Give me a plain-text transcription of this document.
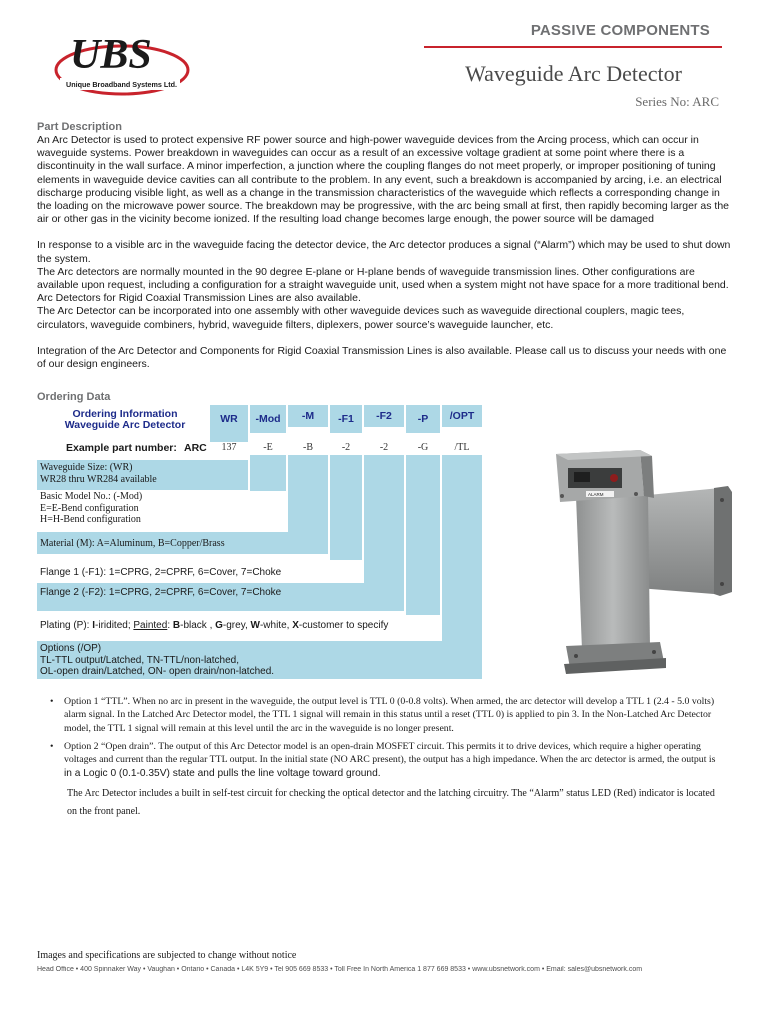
UBS
Unique Broadband Systems Ltd.
PASSIVE COMPONENTS
Waveguide Arc Detector
Series No: ARC
Part Description

An Arc Detector is used to protect expensive RF power source and high-power waveguide devices from the Arcing process, which can occur in waveguide systems. Power breakdown in waveguides can occur as a result of an excessive voltage gradient at some point where there is a discontinuity in the wall surface. A minor imperfection, a junction where the coupling flanges do not meet properly, or improper positioning of tuning elements in waveguide device cavities can all contribute to the problem. In any event, such a breakdown is accompanied by arcing, i.e. an electrical discharge producing visible light, as well as a change in the transmission characteristics of the waveguide which reflects a corresponding change in the loading on the microwave power source. The breakdown may be progressive, with the arc being small at first, then rapidly becoming larger as the air or other gas in the vicinity become ionized. If the resulting load change becomes large enough, the power source will be damaged

In response to a visible arc in the waveguide facing the detector device, the Arc detector produces a signal (“Alarm”) which may be used to shut down the system.

The Arc detectors are normally mounted in the 90 degree E-plane or H-plane bends of waveguide transmission lines. Other configurations are available upon request, including a configuration for a straight waveguide unit, used when a system might not have space for a more traditional bend. Arc Detectors for Rigid Coaxial Transmission Lines are also available.

The Arc Detector can be incorporated into one assembly with other waveguide devices such as waveguide directional couplers, magic tees, circulators, waveguide combiners, hybrid, waveguide filters, diplexers, power source’s waveguide launcher, etc.

Integration of the Arc Detector and Components for Rigid Coaxial Transmission Lines is also available. Please call us to discuss your needs with one of our design engineers.

Ordering Data
Ordering Information
Waveguide Arc Detector	WR	-Mod	-M	-F1	-F2	-P	/OPT
Example part number: ARC	137	-E	-B	-2	-2	-G	/TL
Waveguide Size: (WR)
WR28 thru WR284 available
Basic Model No.: (-Mod)
E=E-Bend configuration
H=H-Bend configuration
Material (M): A=Aluminum, B=Copper/Brass
Flange 1 (-F1): 1=CPRG, 2=CPRF, 6=Cover, 7=Choke
Flange 2 (-F2): 1=CPRG, 2=CPRF, 6=Cover, 7=Choke
Plating (P): I-iridited; Painted: B-black , G-grey, W-white, X-customer to specify
Options (/OP)
TL-TTL output/Latched, TN-TTL/non-latched,
OL-open drain/Latched, ON- open drain/non-latched.
ALARM
• Option 1 “TTL”. When no arc in present in the waveguide, the output level is TTL 0 (0-0.8 volts). When armed, the arc detector will develop a TTL 1 (2.4 - 5.0 volts) alarm signal. In the Latched Arc Detector model, the TTL 1 signal will remain in this status until a reset (TTL 0) is applied to pin 3. In the Non-Latched Arc Detector model, the TTL 1 signal will remain at this level until the arc in the waveguide is no longer present.
• Option 2 “Open drain”. The output of this Arc Detector model is an open-drain MOSFET circuit. This permits it to drive devices, which require a higher operating voltages and current than the regular TTL output. In the initial state (NO ARC present), the output has a high impedance. When the arc detector is armed, the output is in a Logic 0 (0.1-0.35V) state and pulls the line voltage toward ground.
The Arc Detector includes a built in self-test circuit for checking the optical detector and the latching circuitry. The “Alarm” status LED (Red) indicator is located on the front panel.
Images and specifications are subjected to change without notice
Head Office • 400 Spinnaker Way • Vaughan • Ontario • Canada • L4K 5Y9 • Tel 905 669 8533 • Toll Free In North America 1 877 669 8533 • www.ubsnetwork.com • Email: sales@ubsnetwork.com
